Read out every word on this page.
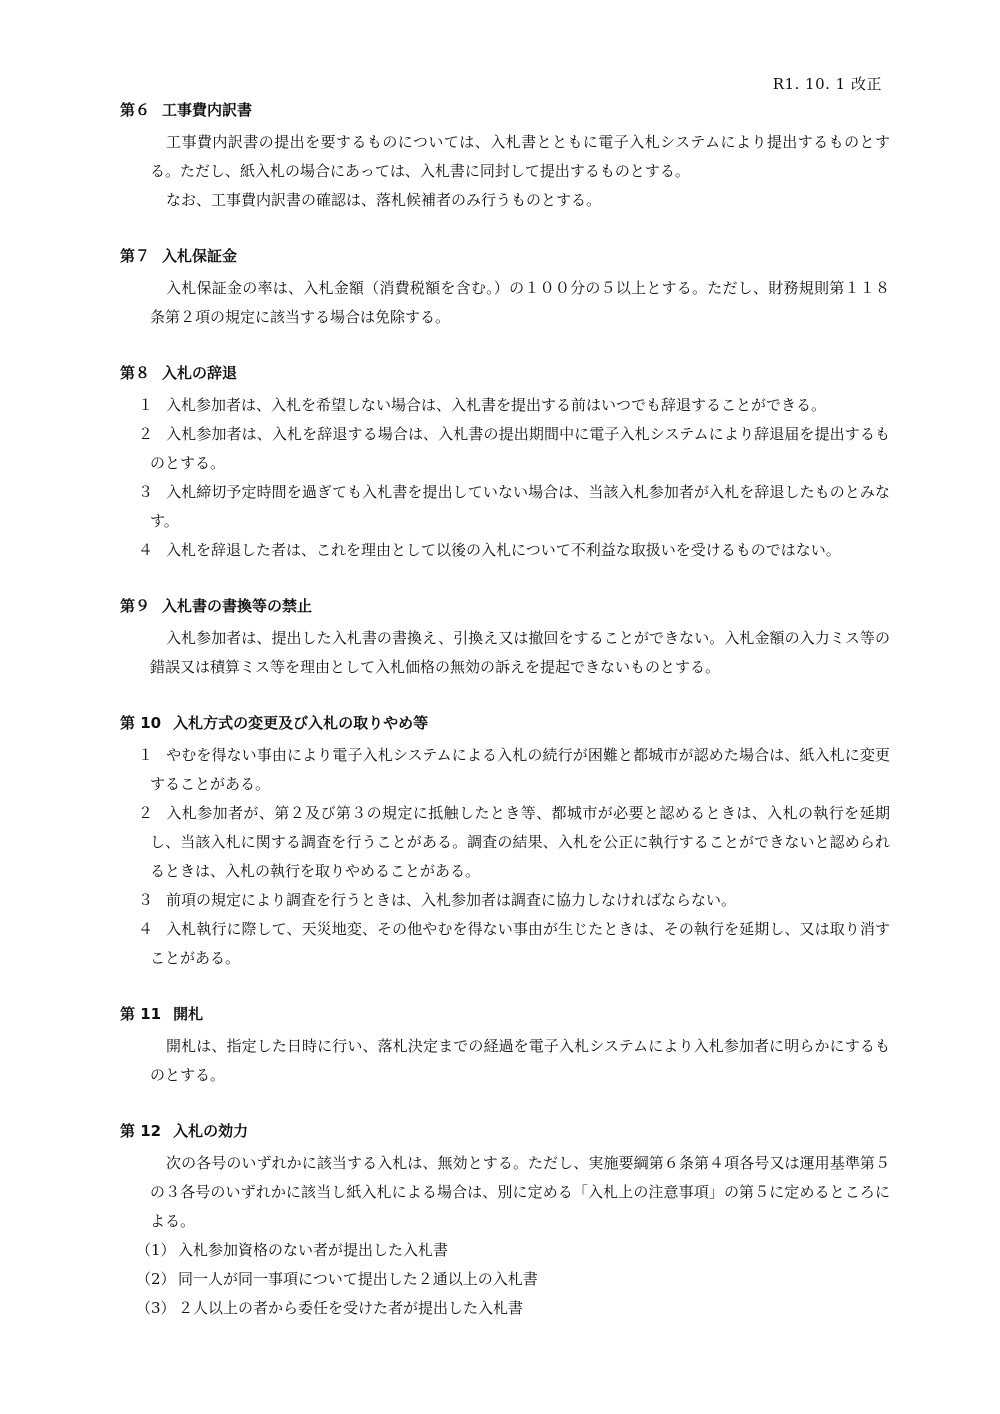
R1. 10. 1 改正
第６ 工事費内訳書
工事費内訳書の提出を要するものについては、入札書とともに電子入札システムにより提出するものとする。ただし、紙入札の場合にあっては、入札書に同封して提出するものとする。
なお、工事費内訳書の確認は、落札候補者のみ行うものとする。
第７ 入札保証金
入札保証金の率は、入札金額（消費税額を含む。）の１００分の５以上とする。ただし、財務規則第１１８条第２項の規定に該当する場合は免除する。
第８ 入札の辞退
１ 入札参加者は、入札を希望しない場合は、入札書を提出する前はいつでも辞退することができる。
２ 入札参加者は、入札を辞退する場合は、入札書の提出期間中に電子入札システムにより辞退届を提出するものとする。
３ 入札締切予定時間を過ぎても入札書を提出していない場合は、当該入札参加者が入札を辞退したものとみなす。
４ 入札を辞退した者は、これを理由として以後の入札について不利益な取扱いを受けるものではない。
第９ 入札書の書換等の禁止
入札参加者は、提出した入札書の書換え、引換え又は撤回をすることができない。入札金額の入力ミス等の錯誤又は積算ミス等を理由として入札価格の無効の訴えを提起できないものとする。
第 10 入札方式の変更及び入札の取りやめ等
１ やむを得ない事由により電子入札システムによる入札の続行が困難と都城市が認めた場合は、紙入札に変更することがある。
２ 入札参加者が、第２及び第３の規定に抵触したとき等、都城市が必要と認めるときは、入札の執行を延期し、当該入札に関する調査を行うことがある。調査の結果、入札を公正に執行することができないと認められるときは、入札の執行を取りやめることがある。
３ 前項の規定により調査を行うときは、入札参加者は調査に協力しなければならない。
４ 入札執行に際して、天災地変、その他やむを得ない事由が生じたときは、その執行を延期し、又は取り消すことがある。
第 11 開札
開札は、指定した日時に行い、落札決定までの経過を電子入札システムにより入札参加者に明らかにするものとする。
第 12 入札の効力
次の各号のいずれかに該当する入札は、無効とする。ただし、実施要綱第６条第４項各号又は運用基準第５の３各号のいずれかに該当し紙入札による場合は、別に定める「入札上の注意事項」の第５に定めるところによる。
（1） 入札参加資格のない者が提出した入札書
（2） 同一人が同一事項について提出した２通以上の入札書
（3） ２人以上の者から委任を受けた者が提出した入札書
